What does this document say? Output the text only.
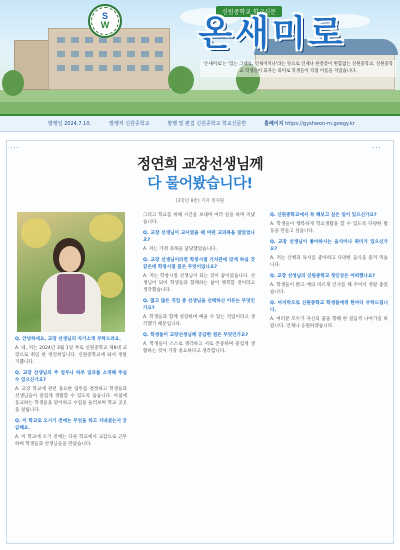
S
W
신원중학교 학교신문
온새미로
'온새미로'는 '있는 그대로, 언제까지나'라는 뜻으로 언제나 한결같이 변함없는 신원중학교, 신원중학교 학생들이 되자는 의미로 학생들이 직접 이름을 지었습니다.
발행일 2024.7.10.	발행처 신원중학교	발행 및 편집 신원중학교 학교신문반	홈페이지 https://gyshwon-m.goegy.kr
···	···
정연희 교장선생님께
다 물어봤습니다!
[3학년 8반] 기자 정지원

Q. 안녕하세요, 교장 선생님의 자기소개 부탁드려요.

A. 네, 저는 2024년 3월 1일 부로 신원중학교 제8대 교장으로 취임 한 정연희입니다. 신원중학교에 와서 정말 기쁩니다.

Q. 교장 선생님의 주 업무나 하루 일과를 소개해 주실 수 있으신가요?

A. 교장 학교에 관련 중요한 업무를 결정하고 학생들과 선생님들이 즐겁게 생활할 수 있도록 돕습니다. 아침에 등교하는 학생들을 맞이하고 수업을 둘러보며 학교 곳곳을 살핍니다.

Q. 이 학교로 오시기 전에는 무엇을 하고 지내셨는지 궁금해요.

A. 이 학교에 오기 전에는 다른 학교에서 교감으로 근무하며 학생들과 선생님들을 만났습니다.

그리고 학교를 위해 시간을 보내며 여러 일을 하며 지냈습니다.

Q. 교장 선생님이 교사였을 때 어떤 교과목을 맡았었나요?

A. 저는 가정 과목을 담당했었습니다.

Q. 교장 선생님이라면 학창시절 가치관에 맞게 하실 것 같은데 학창시절 꿈은 무엇이었나요?

A. 저는 학창시절 선생님이 되는 것이 꿈이었습니다. 선생님이 되어 학생들과 함께하는 삶이 행복할 것이라고 생각했습니다.

Q. 많고 많은 직업 중 선생님을 선택하신 이유는 무엇인가요?

A. 학생들과 함께 성장하며 배울 수 있는 직업이라고 생각했기 때문입니다.

Q. 학생들이 교장선생님께 궁금한 점은 무엇인가요?

A. 학생들이 스스로 생각하고 서로 존중하며 즐겁게 생활하는 것이 가장 중요하다고 생각합니다.

Q. 신원중학교에서 꼭 해보고 싶은 일이 있으신가요?

A. 학생들이 행복하게 학교생활을 할 수 있도록 다양한 활동을 만들고 싶습니다.

Q. 교장 선생님이 좋아하시는 음식이나 취미가 있으신가요?

A. 저는 산책과 독서를 좋아하고 다양한 음식을 즐겨 먹습니다.

Q. 교장 선생님의 신원중학교 첫인상은 어떠했나요?

A. 학생들이 밝고 예의 바르게 인사를 해 주어서 정말 좋았습니다.

Q. 마지막으로 신원중학교 학생들에게 한마디 부탁드립니다.

A. 여러분 모두가 자신의 꿈을 향해 한 걸음씩 나아가길 바랍니다. 언제나 응원하겠습니다.
